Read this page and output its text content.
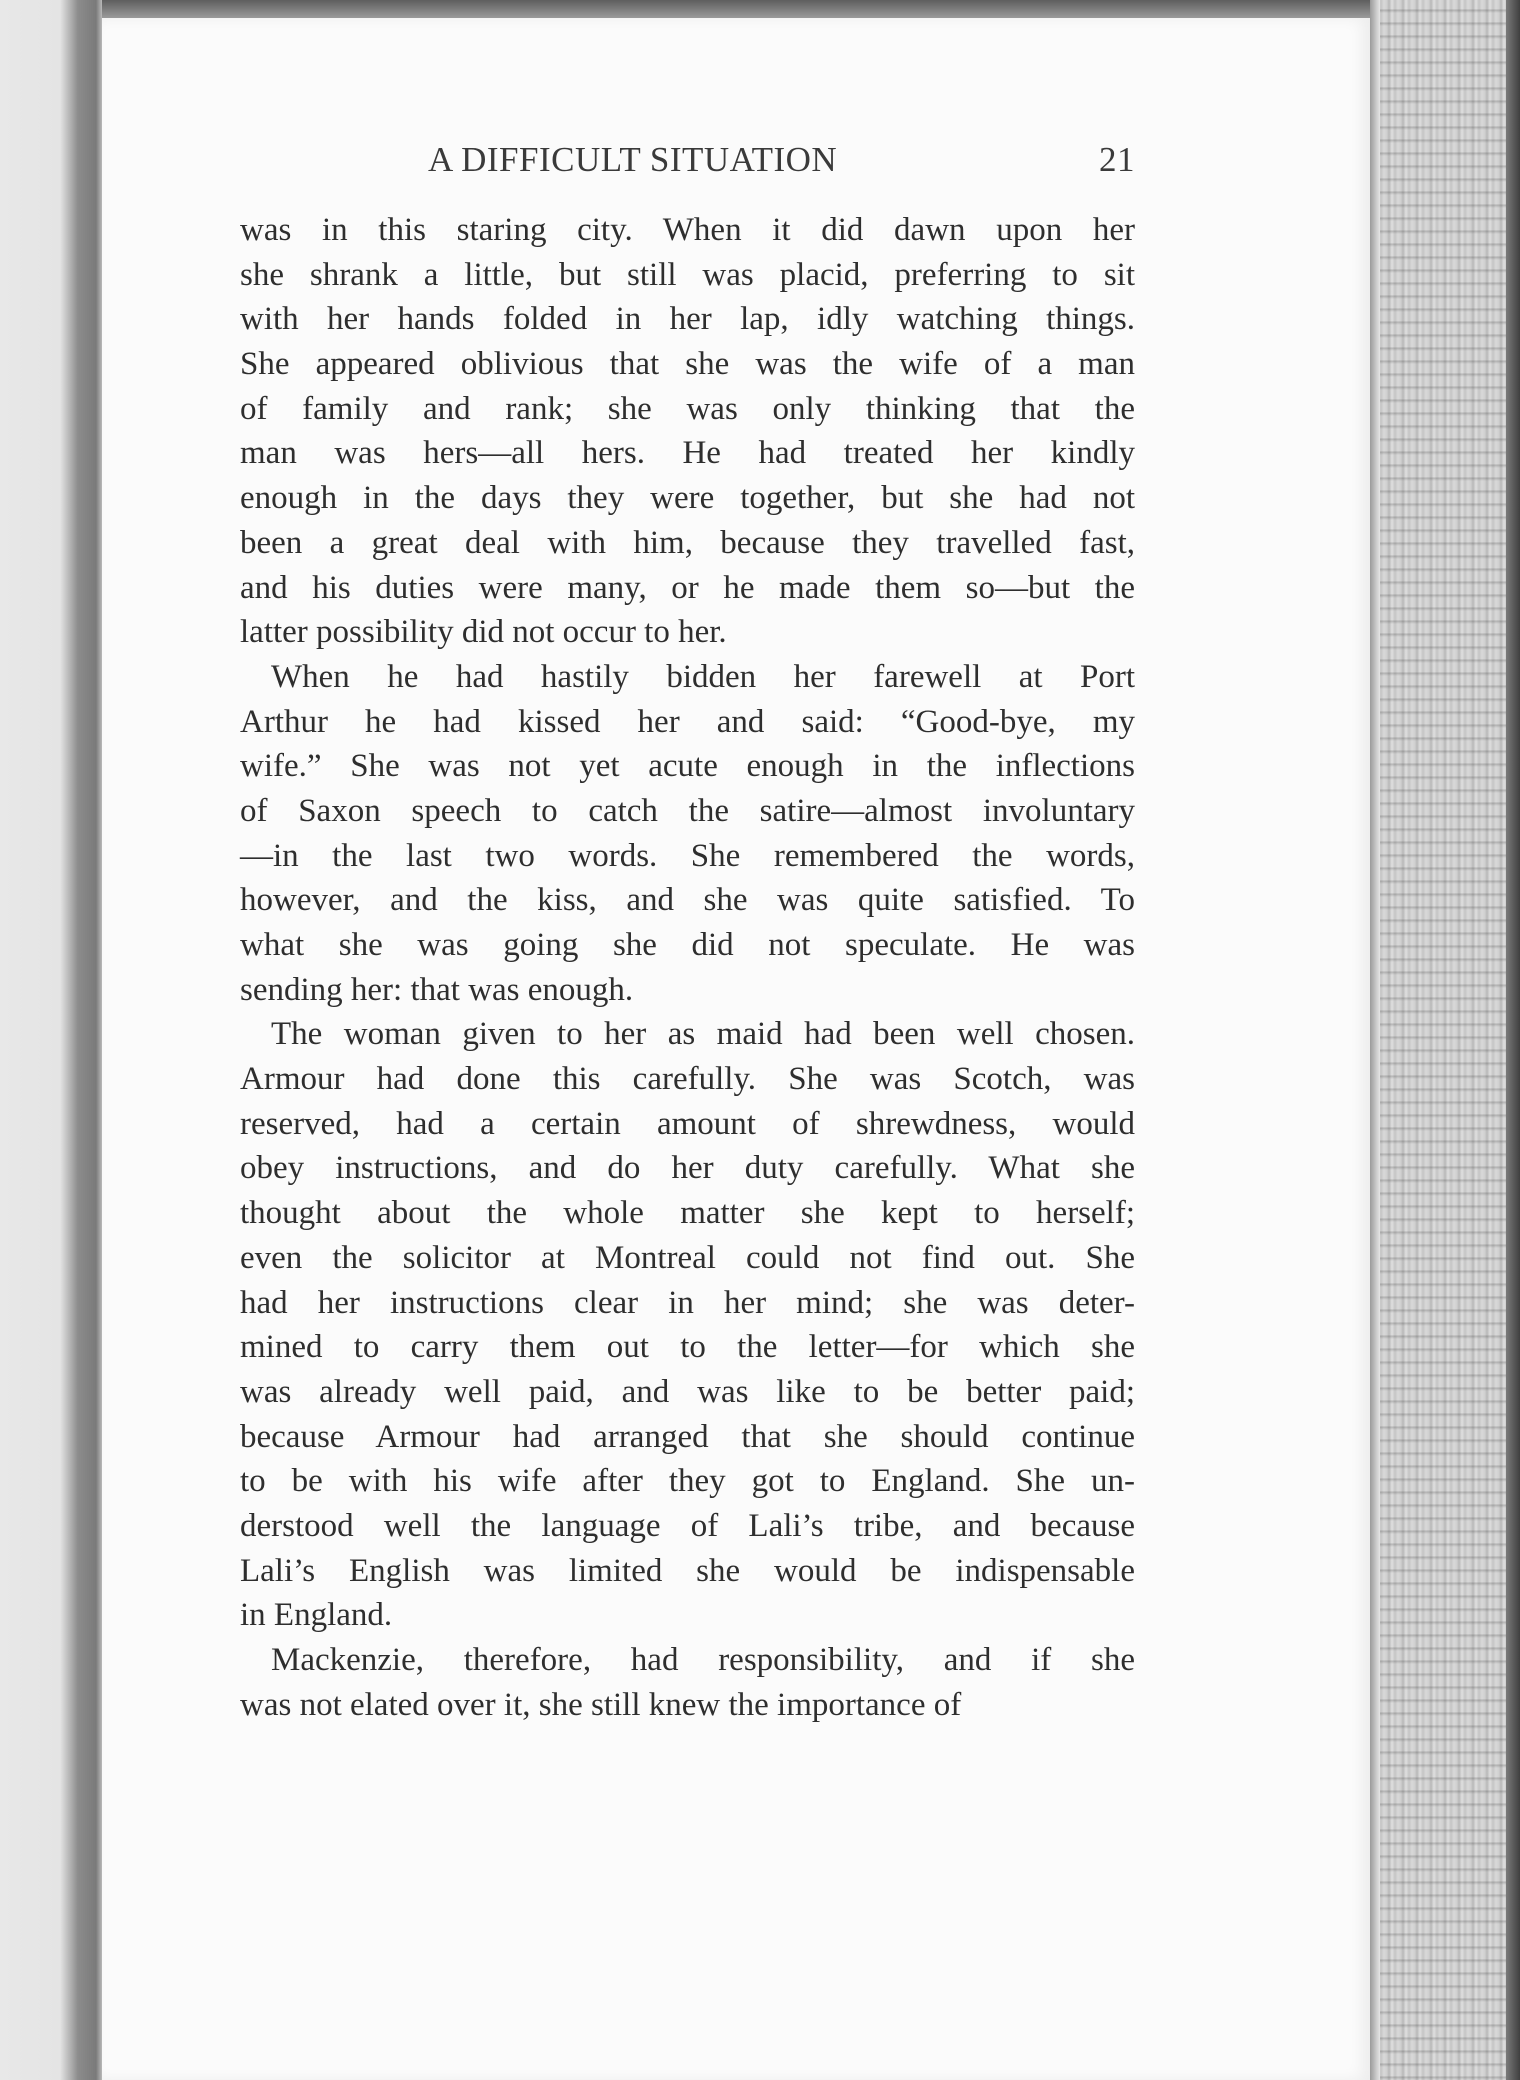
A DIFFICULT SITUATION	21
was in this staring city. When it did dawn upon her
she shrank a little, but still was placid, preferring to sit
with her hands folded in her lap, idly watching things.
She appeared oblivious that she was the wife of a man
of family and rank; she was only thinking that the
man was hers—all hers. He had treated her kindly
enough in the days they were together, but she had not
been a great deal with him, because they travelled fast,
and his duties were many, or he made them so—but the
latter possibility did not occur to her.
When he had hastily bidden her farewell at Port
Arthur he had kissed her and said: “Good-bye, my
wife.” She was not yet acute enough in the inflections
of Saxon speech to catch the satire—almost involuntary
—in the last two words. She remembered the words,
however, and the kiss, and she was quite satisfied. To
what she was going she did not speculate. He was
sending her: that was enough.
The woman given to her as maid had been well chosen.
Armour had done this carefully. She was Scotch, was
reserved, had a certain amount of shrewdness, would
obey instructions, and do her duty carefully. What she
thought about the whole matter she kept to herself;
even the solicitor at Montreal could not find out. She
had her instructions clear in her mind; she was deter-
mined to carry them out to the letter—for which she
was already well paid, and was like to be better paid;
because Armour had arranged that she should continue
to be with his wife after they got to England. She un-
derstood well the language of Lali’s tribe, and because
Lali’s English was limited she would be indispensable
in England.
Mackenzie, therefore, had responsibility, and if she
was not elated over it, she still knew the importance of
